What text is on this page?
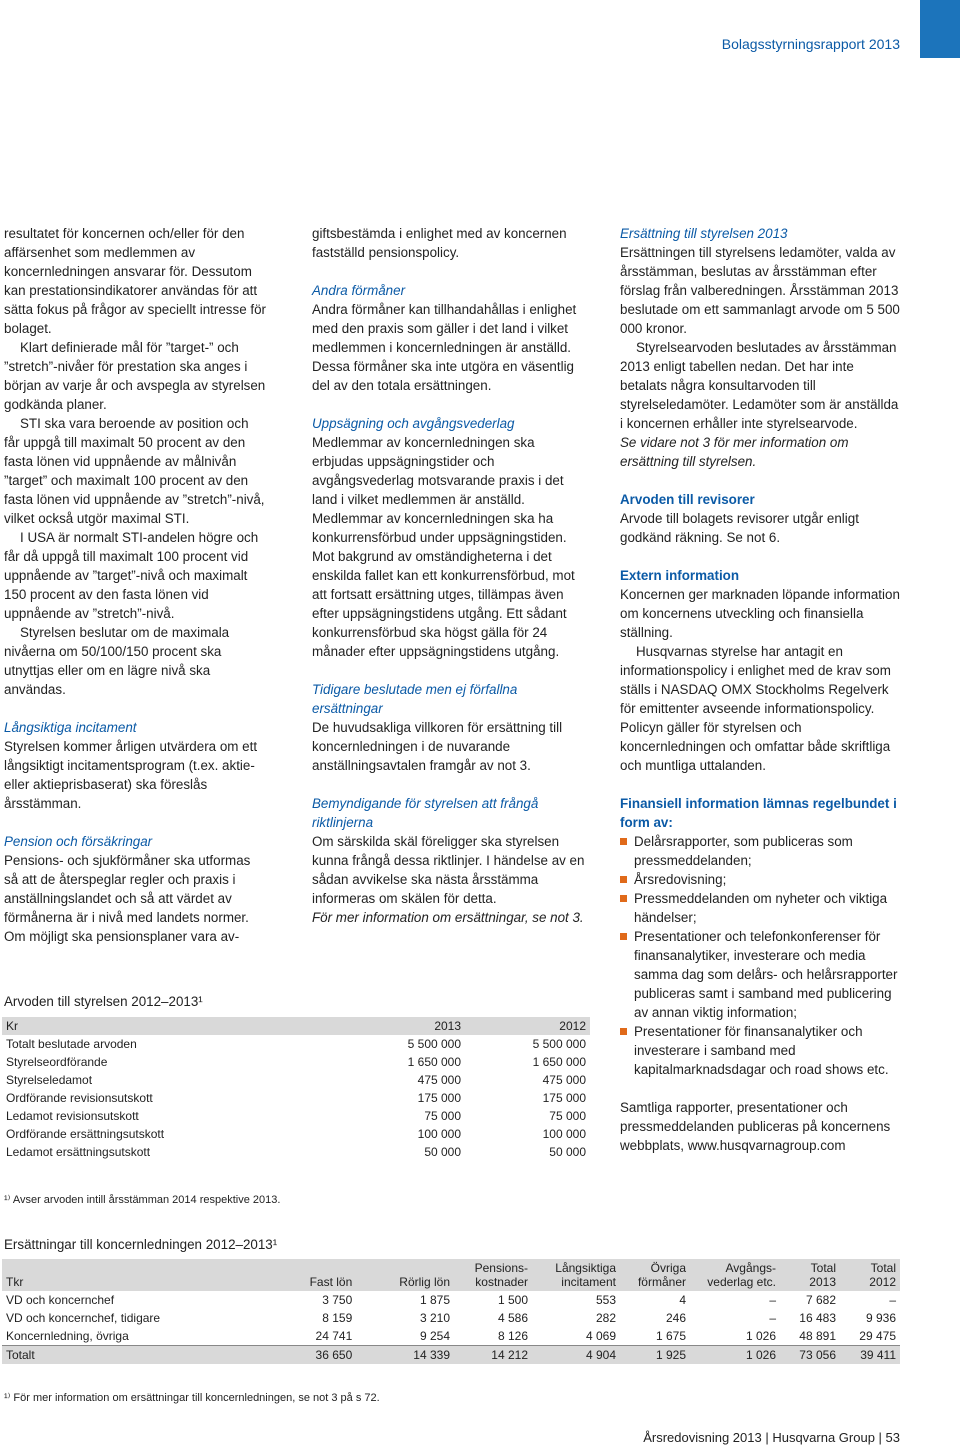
Bolagsstyrningsrapport 2013

resultatet för koncernen och/eller för den affärsenhet som medlemmen av koncernledningen ansvarar för. Dessutom kan prestationsindikatorer användas för att sätta fokus på frågor av speciellt intresse för bolaget.

Klart definierade mål för ”target-” och ”stretch”-nivåer för prestation ska anges i början av varje år och avspegla av styrelsen godkända planer.

STI ska vara beroende av position och får uppgå till maximalt 50 procent av den fasta lönen vid uppnående av målnivån ”target” och maximalt 100 procent av den fasta lönen vid uppnående av ”stretch”-nivå, vilket också utgör maximal STI.

I USA är normalt STI-andelen högre och får då uppgå till maximalt 100 procent vid uppnående av ”target”-nivå och maximalt 150 procent av den fasta lönen vid uppnående av ”stretch”-nivå.

Styrelsen beslutar om de maximala nivåerna om 50/100/150 procent ska utnyttjas eller om en lägre nivå ska användas.

Långsiktiga incitament

Styrelsen kommer årligen utvärdera om ett långsiktigt incitamentsprogram (t.ex. aktie- eller aktieprisbaserat) ska föreslås årsstämman.

Pension och försäkringar

Pensions- och sjukförmåner ska utformas så att de återspeglar regler och praxis i anställningslandet och så att värdet av förmånerna är i nivå med landets normer. Om möjligt ska pensionsplaner vara av-

giftsbestämda i enlighet med av koncernen fastställd pensionspolicy.

Andra förmåner

Andra förmåner kan tillhandahållas i enlighet med den praxis som gäller i det land i vilket medlemmen i koncernledningen är anställd. Dessa förmåner ska inte utgöra en väsentlig del av den totala ersättningen.

Uppsägning och avgångsvederlag

Medlemmar av koncernledningen ska erbjudas uppsägningstider och avgångsvederlag motsvarande praxis i det land i vilket medlemmen är anställd. Medlemmar av koncernledningen ska ha konkurrensförbud under uppsägningstiden. Mot bakgrund av omständigheterna i det enskilda fallet kan ett konkurrensförbud, mot att fortsatt ersättning utges, tillämpas även efter uppsägningstidens utgång. Ett sådant konkurrensförbud ska högst gälla för 24 månader efter uppsägningstidens utgång.

Tidigare beslutade men ej förfallna ersättningar

De huvudsakliga villkoren för ersättning till koncernledningen i de nuvarande anställningsavtalen framgår av not 3.

Bemyndigande för styrelsen att frångå riktlinjerna

Om särskilda skäl föreligger ska styrelsen kunna frångå dessa riktlinjer. I händelse av en sådan avvikelse ska nästa årsstämma informeras om skälen för detta.

För mer information om ersättningar, se not 3.

Ersättning till styrelsen 2013

Ersättningen till styrelsens ledamöter, valda av årsstämman, beslutas av årsstämman efter förslag från valberedningen. Årsstämman 2013 beslutade om ett sammanlagt arvode om 5 500 000 kronor.

Styrelsearvoden beslutades av årsstämman 2013 enligt tabellen nedan. Det har inte betalats några konsultarvoden till styrelseledamöter. Ledamöter som är anställda i koncernen erhåller inte styrelsearvode.

Se vidare not 3 för mer information om ersättning till styrelsen.

Arvoden till revisorer

Arvode till bolagets revisorer utgår enligt godkänd räkning. Se not 6.

Extern information

Koncernen ger marknaden löpande information om koncernens utveckling och finansiella ställning.

Husqvarnas styrelse har antagit en informationspolicy i enlighet med de krav som ställs i NASDAQ OMX Stockholms Regelverk för emittenter avseende informationspolicy. Policyn gäller för styrelsen och koncernledningen och omfattar både skriftliga och muntliga uttalanden.

Finansiell information lämnas regelbundet i form av:

Delårsrapporter, som publiceras som pressmeddelanden;
Årsredovisning;
Pressmeddelanden om nyheter och viktiga händelser;
Presentationer och telefonkonferenser för finansanalytiker, investerare och media samma dag som delårs- och helårsrapporter publiceras samt i samband med publicering av annan viktig information;
Presentationer för finansanalytiker och investerare i samband med kapitalmarknadsdagar och road shows etc.

Samtliga rapporter, presentationer och pressmeddelanden publiceras på koncernens webbplats, www.husqvarnagroup.com

Arvoden till styrelsen 2012–2013¹
Kr	2013	2012
Totalt beslutade arvoden	5 500 000	5 500 000
Styrelseordförande	1 650 000	1 650 000
Styrelseledamot	475 000	475 000
Ordförande revisionsutskott	175 000	175 000
Ledamot revisionsutskott	75 000	75 000
Ordförande ersättningsutskott	100 000	100 000
Ledamot ersättningsutskott	50 000	50 000
¹⁾ Avser arvoden intill årsstämman 2014 respektive 2013.
Ersättningar till koncernledningen 2012–2013¹
Tkr	Fast lön	Rörlig lön	Pensions-kostnader	Långsiktiga incitament	Övriga förmåner	Avgångs-vederlag etc.	Total 2013	Total 2012
VD och koncernchef	3 750	1 875	1 500	553	4	–	7 682	–
VD och koncernchef, tidigare	8 159	3 210	4 586	282	246	–	16 483	9 936
Koncernledning, övriga	24 741	9 254	8 126	4 069	1 675	1 026	48 891	29 475
Totalt	36 650	14 339	14 212	4 904	1 925	1 026	73 056	39 411
¹⁾ För mer information om ersättningar till koncernledningen, se not 3 på s 72.
Årsredovisning 2013 | Husqvarna Group | 53
